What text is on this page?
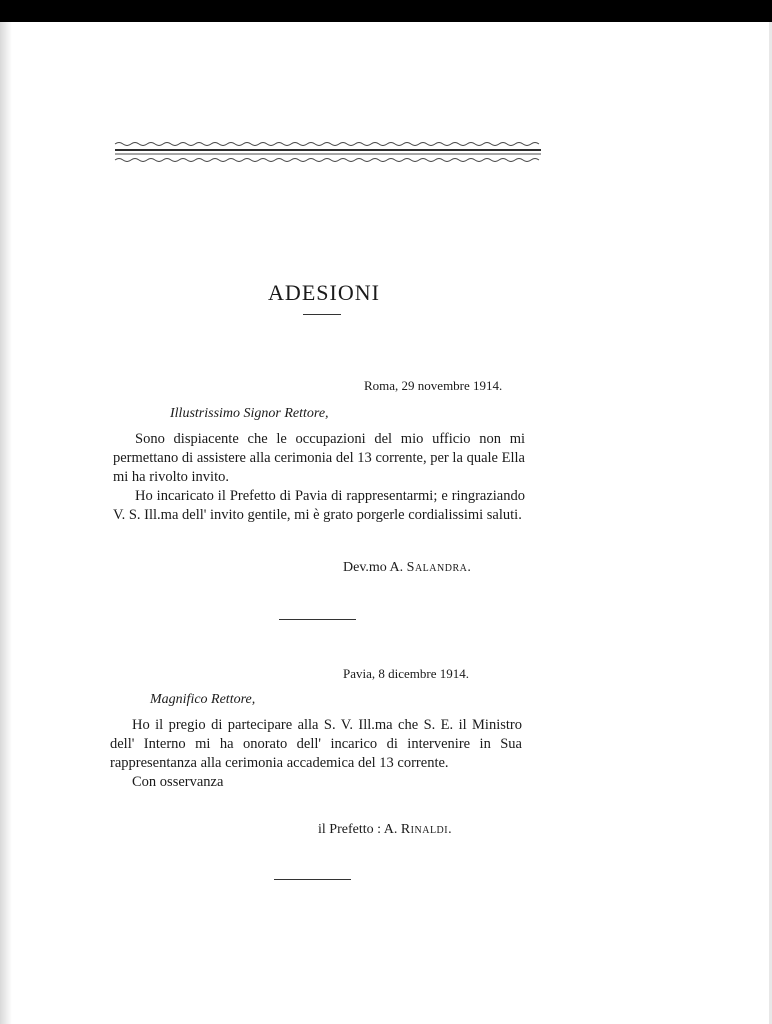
ADESIONI
Roma, 29 novembre 1914.
Illustrissimo Signor Rettore,

Sono dispiacente che le occupazioni del mio ufficio non mi permettano di assistere alla cerimonia del 13 corrente, per la quale Ella mi ha rivolto invito.

Ho incaricato il Prefetto di Pavia di rappresentarmi; e ringraziando V. S. Ill.ma dell' invito gentile, mi è grato porgerle cordialissimi saluti.

Dev.mo A. Salandra.
Pavia, 8 dicembre 1914.
Magnifico Rettore,

Ho il pregio di partecipare alla S. V. Ill.ma che S. E. il Ministro dell' Interno mi ha onorato dell' incarico di intervenire in Sua rappresentanza alla cerimonia accademica del 13 corrente.

Con osservanza

il Prefetto : A. Rinaldi.
